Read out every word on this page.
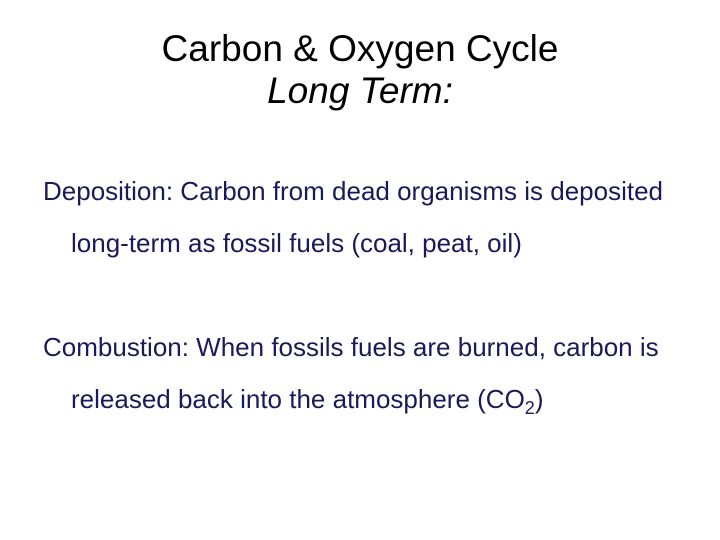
Carbon & Oxygen Cycle
Long Term:

Deposition: Carbon from dead organisms is deposited long-term as fossil fuels (coal, peat, oil)

Combustion: When fossils fuels are burned, carbon is released back into the atmosphere $(CO_2)$
